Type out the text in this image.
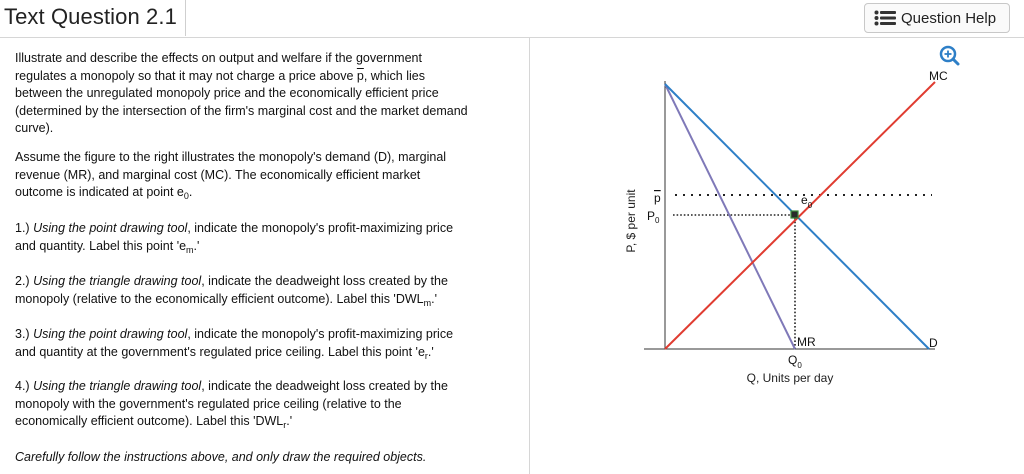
Text Question 2.1	Question Help
Illustrate and describe the effects on output and welfare if the government
regulates a monopoly so that it may not charge a price above $\overline{p}$, which lies
between the unregulated monopoly price and the economically efficient price
(determined by the intersection of the firm's marginal cost and the market demand
curve).
Assume the figure to the right illustrates the monopoly's demand (D), marginal
revenue (MR), and marginal cost (MC). The economically efficient market
outcome is indicated at point $e_0$.
1.) Using the point drawing tool, indicate the monopoly's profit-maximizing price
and quantity. Label this point '$e_m$.'
2.) Using the triangle drawing tool, indicate the deadweight loss created by the
monopoly (relative to the economically efficient outcome). Label this '$DWL_m$.'
3.) Using the point drawing tool, indicate the monopoly's profit-maximizing price
and quantity at the government's regulated price ceiling. Label this point '$e_r$.'
4.) Using the triangle drawing tool, indicate the deadweight loss created by the
monopoly with the government's regulated price ceiling (relative to the
economically efficient outcome). Label this '$DWL_r$.'
Carefully follow the instructions above, and only draw the required objects.
MC
D
MR
p
$P_0$
$e_0$
$Q_0$
Q, Units per day
P, $ per unit
